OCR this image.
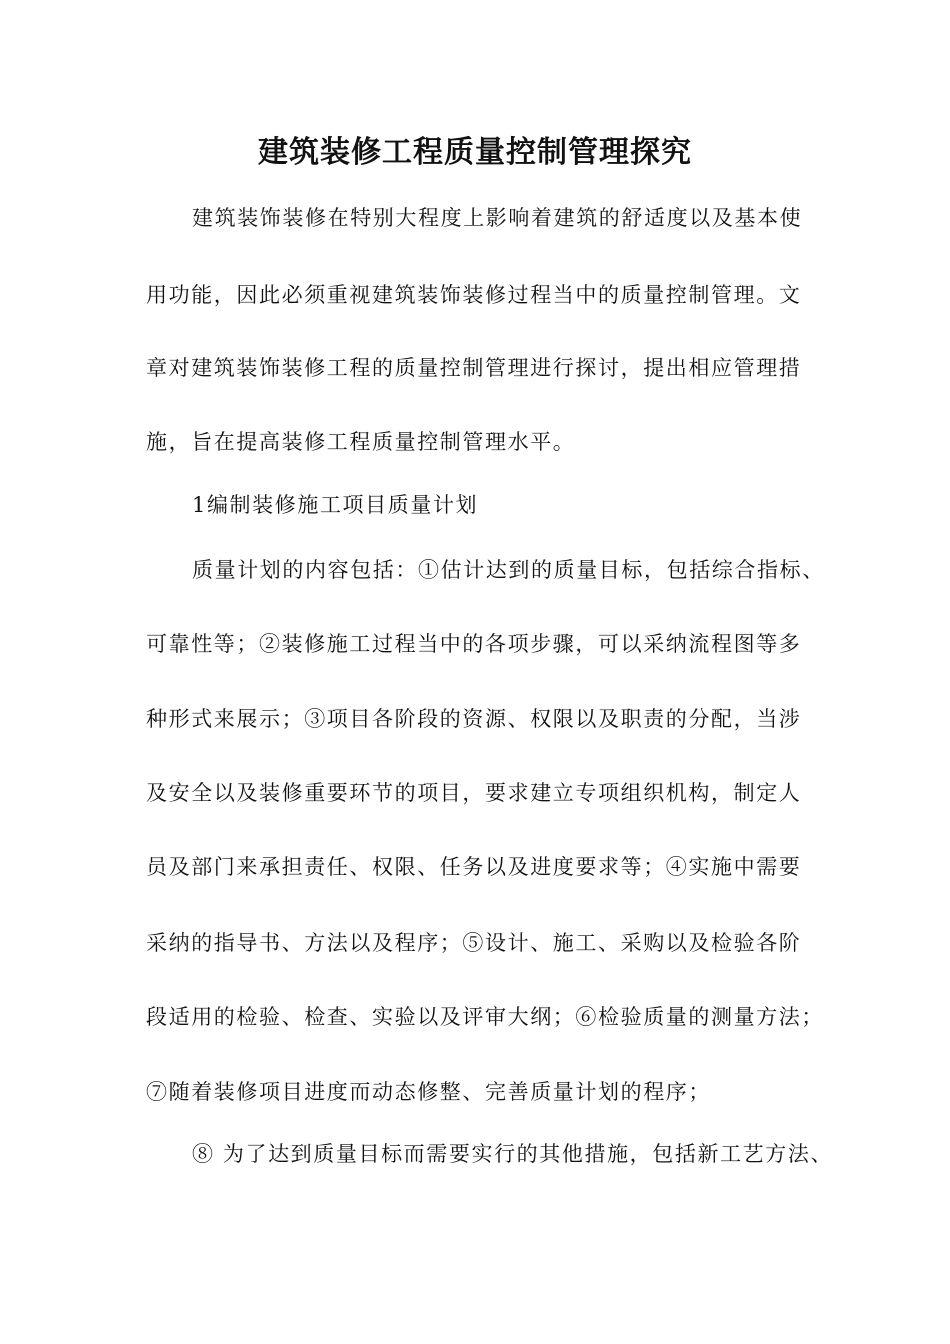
建筑装修工程质量控制管理探究

建筑装饰装修在特别大程度上影响着建筑的舒适度以及基本使

用功能，因此必须重视建筑装饰装修过程当中的质量控制管理。文

章对建筑装饰装修工程的质量控制管理进行探讨，提出相应管理措

施，旨在提高装修工程质量控制管理水平。

1编制装修施工项目质量计划

质量计划的内容包括：①估计达到的质量目标，包括综合指标、

可靠性等；②装修施工过程当中的各项步骤，可以采纳流程图等多

种形式来展示；③项目各阶段的资源、权限以及职责的分配，当涉

及安全以及装修重要环节的项目，要求建立专项组织机构，制定人

员及部门来承担责任、权限、任务以及进度要求等；④实施中需要

采纳的指导书、方法以及程序；⑤设计、施工、采购以及检验各阶

段适用的检验、检查、实验以及评审大纲；⑥检验质量的测量方法；

⑦随着装修项目进度而动态修整、完善质量计划的程序；

⑧ 为了达到质量目标而需要实行的其他措施，包括新工艺方法、
